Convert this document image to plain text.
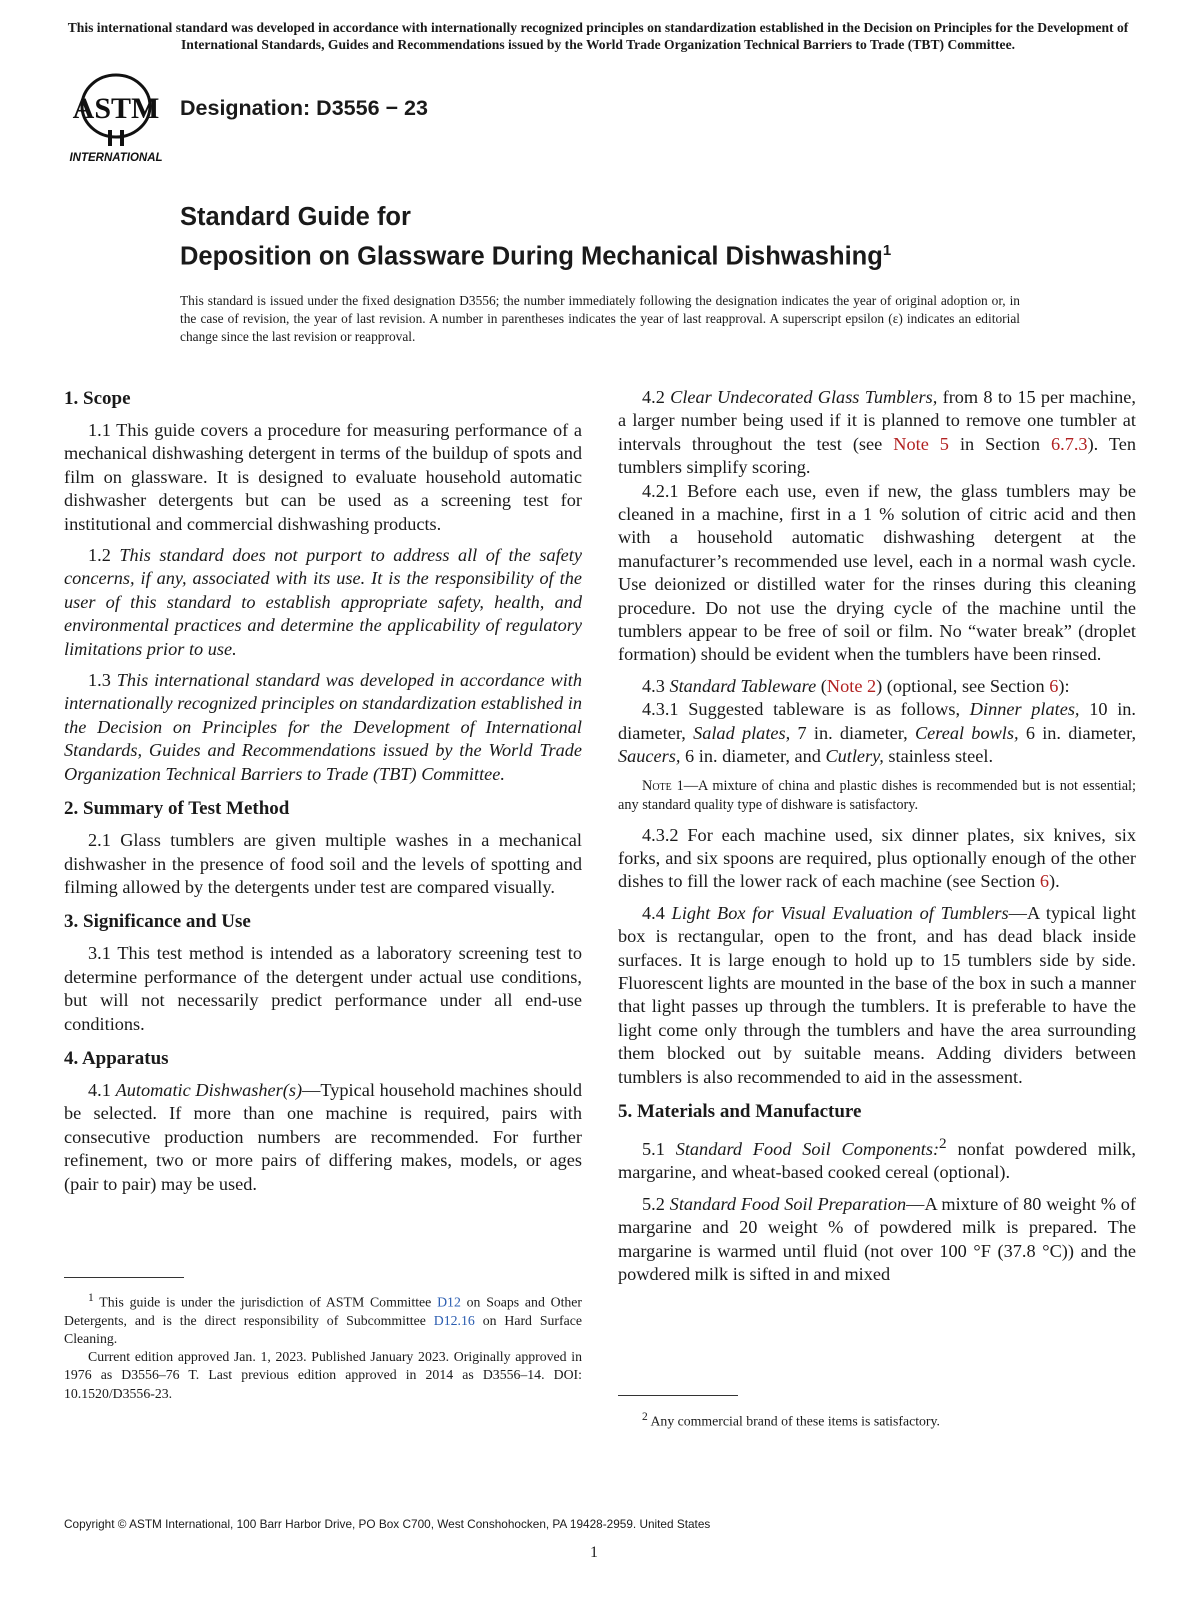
This international standard was developed in accordance with internationally recognized principles on standardization established in the Decision on Principles for the Development of International Standards, Guides and Recommendations issued by the World Trade Organization Technical Barriers to Trade (TBT) Committee.
ASTM
INTERNATIONAL
Designation: D3556 − 23
Standard Guide for
Deposition on Glassware During Mechanical Dishwashing$^1$
This standard is issued under the fixed designation D3556; the number immediately following the designation indicates the year of original adoption or, in the case of revision, the year of last revision. A number in parentheses indicates the year of last reapproval. A superscript epsilon (ε) indicates an editorial change since the last revision or reapproval.
1. Scope

1.1 This guide covers a procedure for measuring performance of a mechanical dishwashing detergent in terms of the buildup of spots and film on glassware. It is designed to evaluate household automatic dishwasher detergents but can be used as a screening test for institutional and commercial dishwashing products.

1.2 This standard does not purport to address all of the safety concerns, if any, associated with its use. It is the responsibility of the user of this standard to establish appropriate safety, health, and environmental practices and determine the applicability of regulatory limitations prior to use.

1.3 This international standard was developed in accordance with internationally recognized principles on standardization established in the Decision on Principles for the Development of International Standards, Guides and Recommendations issued by the World Trade Organization Technical Barriers to Trade (TBT) Committee.

2. Summary of Test Method

2.1 Glass tumblers are given multiple washes in a mechanical dishwasher in the presence of food soil and the levels of spotting and filming allowed by the detergents under test are compared visually.

3. Significance and Use

3.1 This test method is intended as a laboratory screening test to determine performance of the detergent under actual use conditions, but will not necessarily predict performance under all end-use conditions.

4. Apparatus

4.1 Automatic Dishwasher(s)—Typical household machines should be selected. If more than one machine is required, pairs with consecutive production numbers are recommended. For further refinement, two or more pairs of differing makes, models, or ages (pair to pair) may be used.

$^1$ This guide is under the jurisdiction of ASTM Committee D12 on Soaps and Other Detergents, and is the direct responsibility of Subcommittee D12.16 on Hard Surface Cleaning.

Current edition approved Jan. 1, 2023. Published January 2023. Originally approved in 1976 as D3556–76 T. Last previous edition approved in 2014 as D3556–14. DOI: 10.1520/D3556-23.

4.2 Clear Undecorated Glass Tumblers, from 8 to 15 per machine, a larger number being used if it is planned to remove one tumbler at intervals throughout the test (see Note 5 in Section 6.7.3). Ten tumblers simplify scoring.

4.2.1 Before each use, even if new, the glass tumblers may be cleaned in a machine, first in a 1 % solution of citric acid and then with a household automatic dishwashing detergent at the manufacturer’s recommended use level, each in a normal wash cycle. Use deionized or distilled water for the rinses during this cleaning procedure. Do not use the drying cycle of the machine until the tumblers appear to be free of soil or film. No “water break” (droplet formation) should be evident when the tumblers have been rinsed.

4.3 Standard Tableware (Note 2) (optional, see Section 6):

4.3.1 Suggested tableware is as follows, Dinner plates, 10 in. diameter, Salad plates, 7 in. diameter, Cereal bowls, 6 in. diameter, Saucers, 6 in. diameter, and Cutlery, stainless steel.

Note 1—A mixture of china and plastic dishes is recommended but is not essential; any standard quality type of dishware is satisfactory.

4.3.2 For each machine used, six dinner plates, six knives, six forks, and six spoons are required, plus optionally enough of the other dishes to fill the lower rack of each machine (see Section 6).

4.4 Light Box for Visual Evaluation of Tumblers—A typical light box is rectangular, open to the front, and has dead black inside surfaces. It is large enough to hold up to 15 tumblers side by side. Fluorescent lights are mounted in the base of the box in such a manner that light passes up through the tumblers. It is preferable to have the light come only through the tumblers and have the area surrounding them blocked out by suitable means. Adding dividers between tumblers is also recommended to aid in the assessment.

5. Materials and Manufacture

5.1 Standard Food Soil Components:$^2$ nonfat powdered milk, margarine, and wheat-based cooked cereal (optional).

5.2 Standard Food Soil Preparation—A mixture of 80 weight % of margarine and 20 weight % of powdered milk is prepared. The margarine is warmed until fluid (not over 100 °F (37.8 °C)) and the powdered milk is sifted in and mixed

$^2$ Any commercial brand of these items is satisfactory.

Copyright © ASTM International, 100 Barr Harbor Drive, PO Box C700, West Conshohocken, PA 19428-2959. United States
1
